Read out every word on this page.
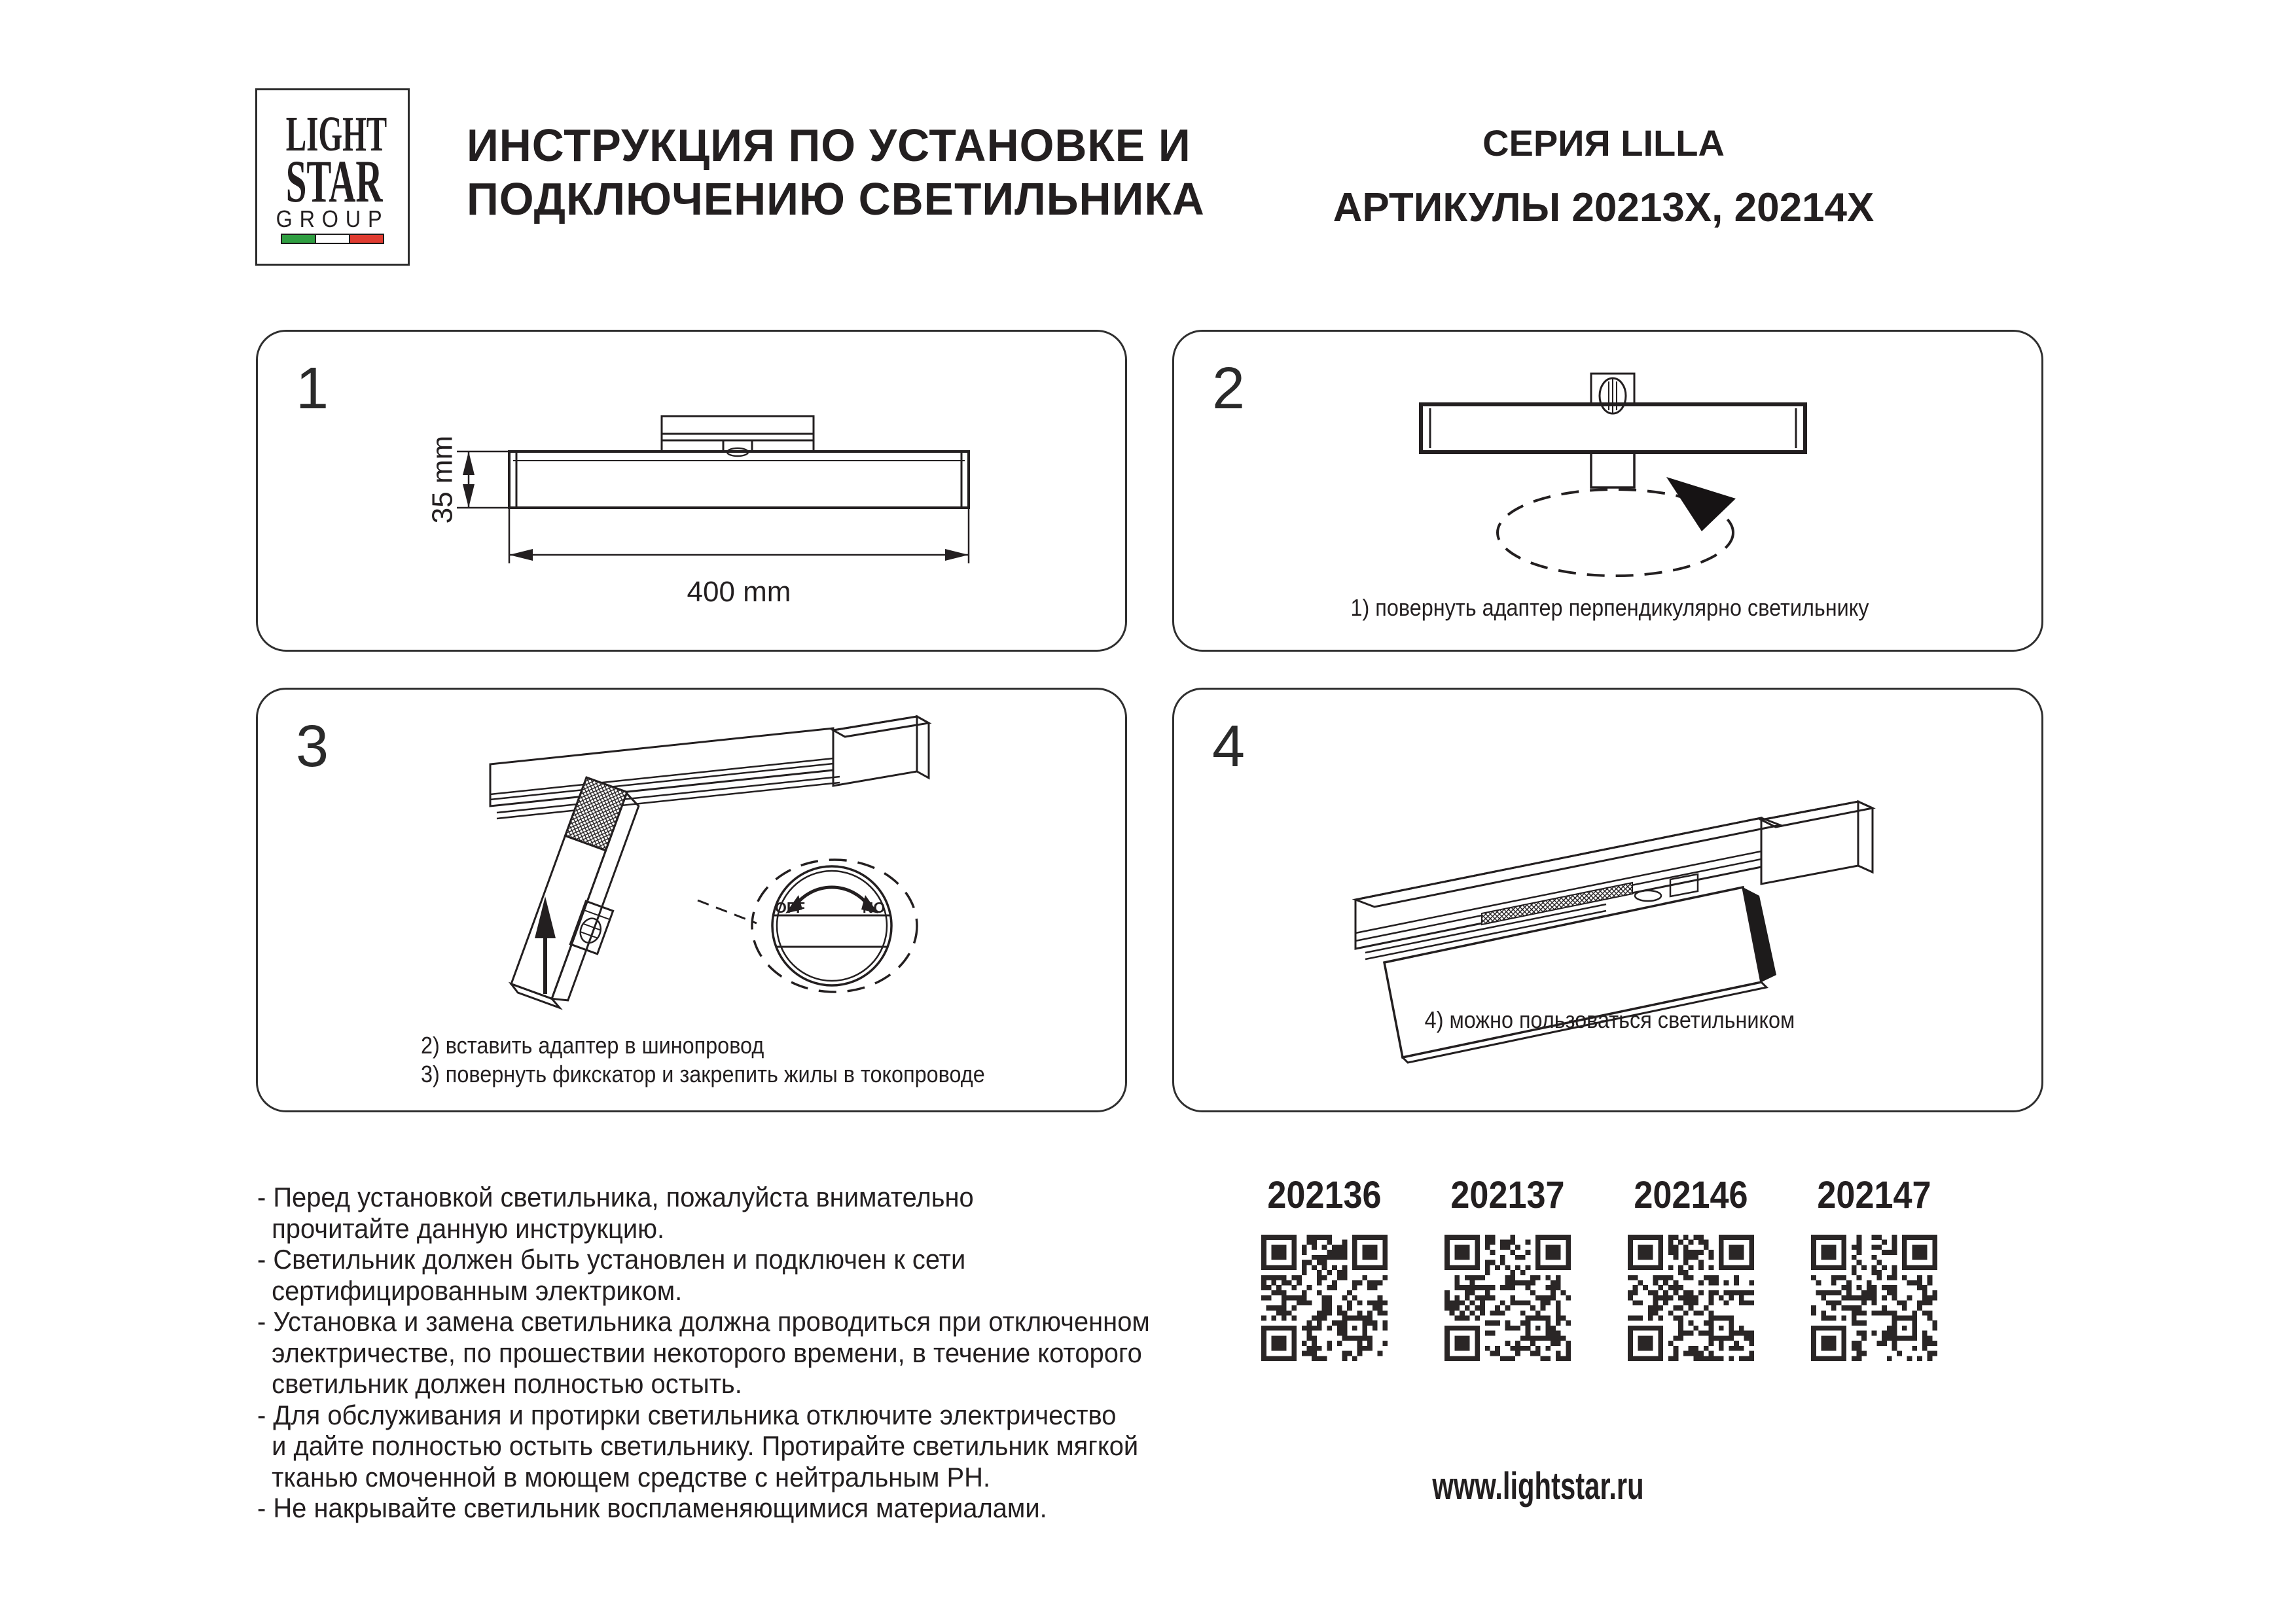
LIGHT
STAR
GROUP
ИНСТРУКЦИЯ ПО УСТАНОВКЕ И
ПОДКЛЮЧЕНИЮ СВЕТИЛЬНИКА
СЕРИЯ LILLA
АРТИКУЛЫ 20213X, 20214X
1
35 mm
400 mm
2
1) повернуть адаптер перпендикулярно светильнику
3
OFF	NO
2) вставить адаптер в шинопровод
3) повернуть фикскатор и закрепить жилы в токопроводе
4
4) можно пользоваться светильником
- Перед установкой светильника, пожалуйста внимательно
прочитайте данную инструкцию.
- Светильник должен быть установлен и подключен к сети
сертифицированным электриком.
- Установка и замена светильника должна проводиться при отключенном
электричестве, по прошествии некоторого времени, в течение которого
светильник должен полностью остыть.
- Для обслуживания и протирки светильника отключите электричество
и дайте полностью остыть светильнику. Протирайте светильник мягкой
тканью смоченной в моющем средстве с нейтральным PH.
- Не накрывайте светильник воспламеняющимися материалами.
202136	202137	202146	202147
www.lightstar.ru
